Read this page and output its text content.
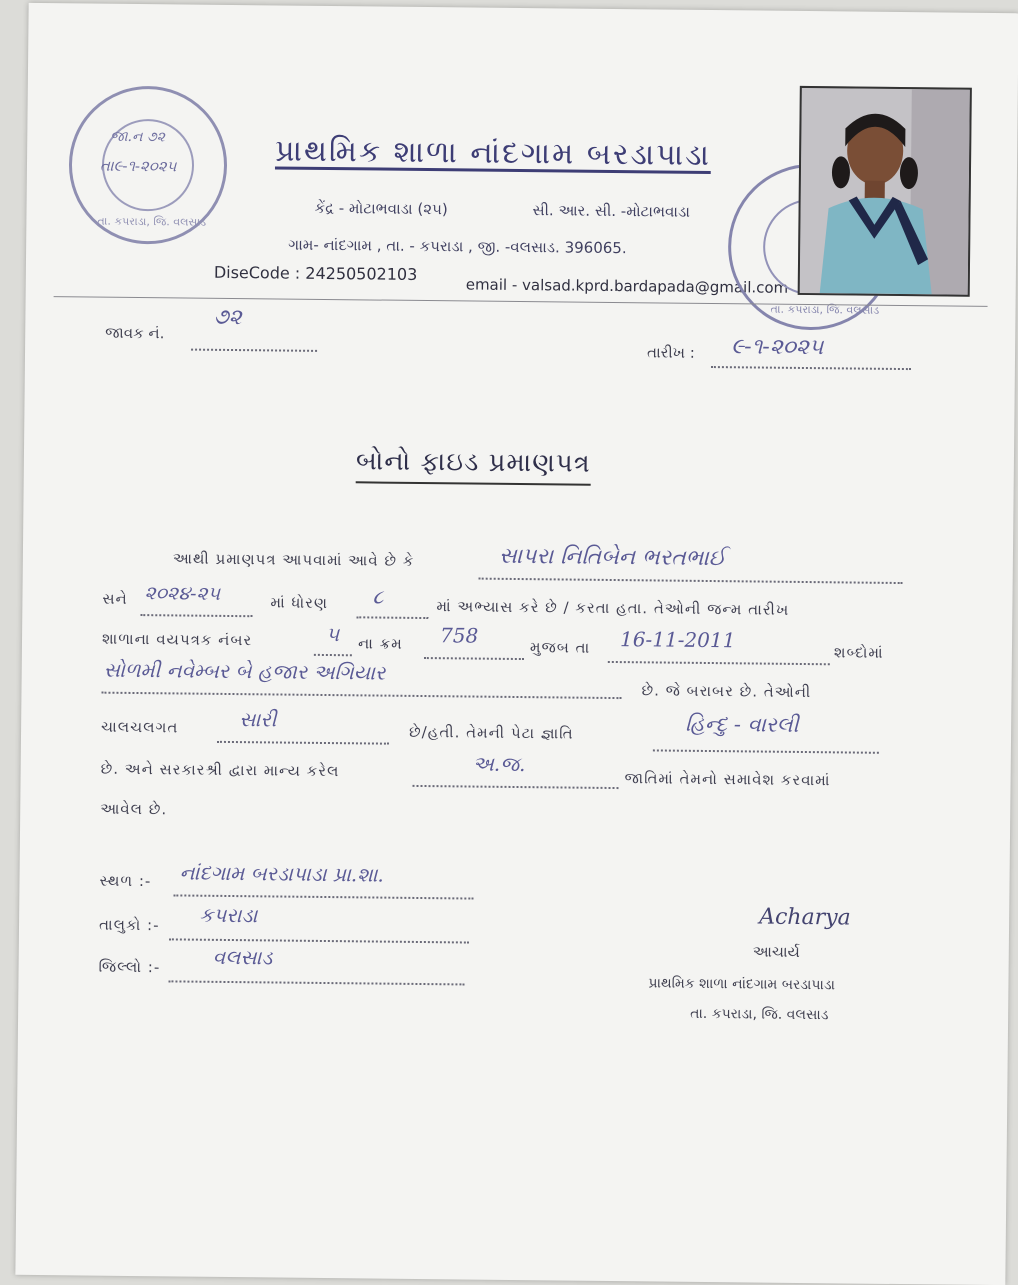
જા.ન ૭૨
તા૯-૧-૨૦૨૫
તા. કપરાડા, જિ. વલસાડ
પ્રાથમિક શાળા નાંદગામ બરડાપાડા
કેંદ્ર - મોટાભવાડા (૨૫)	સી. આર. સી. -મોટાભવાડા
ગામ- નાંદગામ , તા. - કપરાડા , જી. -વલસાડ. 396065.
DiseCode : 24250502103
email - valsad.kprd.bardapada@gmail.com
તા. કપરાડા, જિ. વલસાડ
જાવક નં.
૭૨
તારીખ : ૯-૧-૨૦૨૫
બોનો ફાઇડ પ્રમાણપત્ર
આથી પ્રમાણપત્ર આપવામાં આવે છે કે	સાપરા નિતિબેન ભરતભાઈ
સને ૨૦૨૪-૨૫	માં ધોરણ ૮	માં અભ્યાસ કરે છે / કરતા હતા. તેઓની જન્મ તારીખ
શાળાના વયપત્રક નંબર	૫ ના ક્રમ 758	મુજબ તા 16-11-2011
શબ્દોમાં
સોળમી નવેમ્બર બે હજાર અગિયાર
છે. જે બરાબર છે. તેઓની
ચાલચલગત	સારી
છે/હતી. તેમની પેટા જ્ઞાતિ	હિન્દુ - વારલી
છે. અને સરકારશ્રી દ્વારા માન્ય કરેલ	અ.જ.
જાતિમાં તેમનો સમાવેશ કરવામાં
આવેલ છે.
સ્થળ :- નાંદગામ બરડાપાડા પ્રા.શા.
તાલુકો :- કપરાડા
જિલ્લો :-	વલસાડ
Acharya
આચાર્ય
પ્રાથમિક શાળા નાંદગામ બરડાપાડા
તા. કપરાડા, જિ. વલસાડ
